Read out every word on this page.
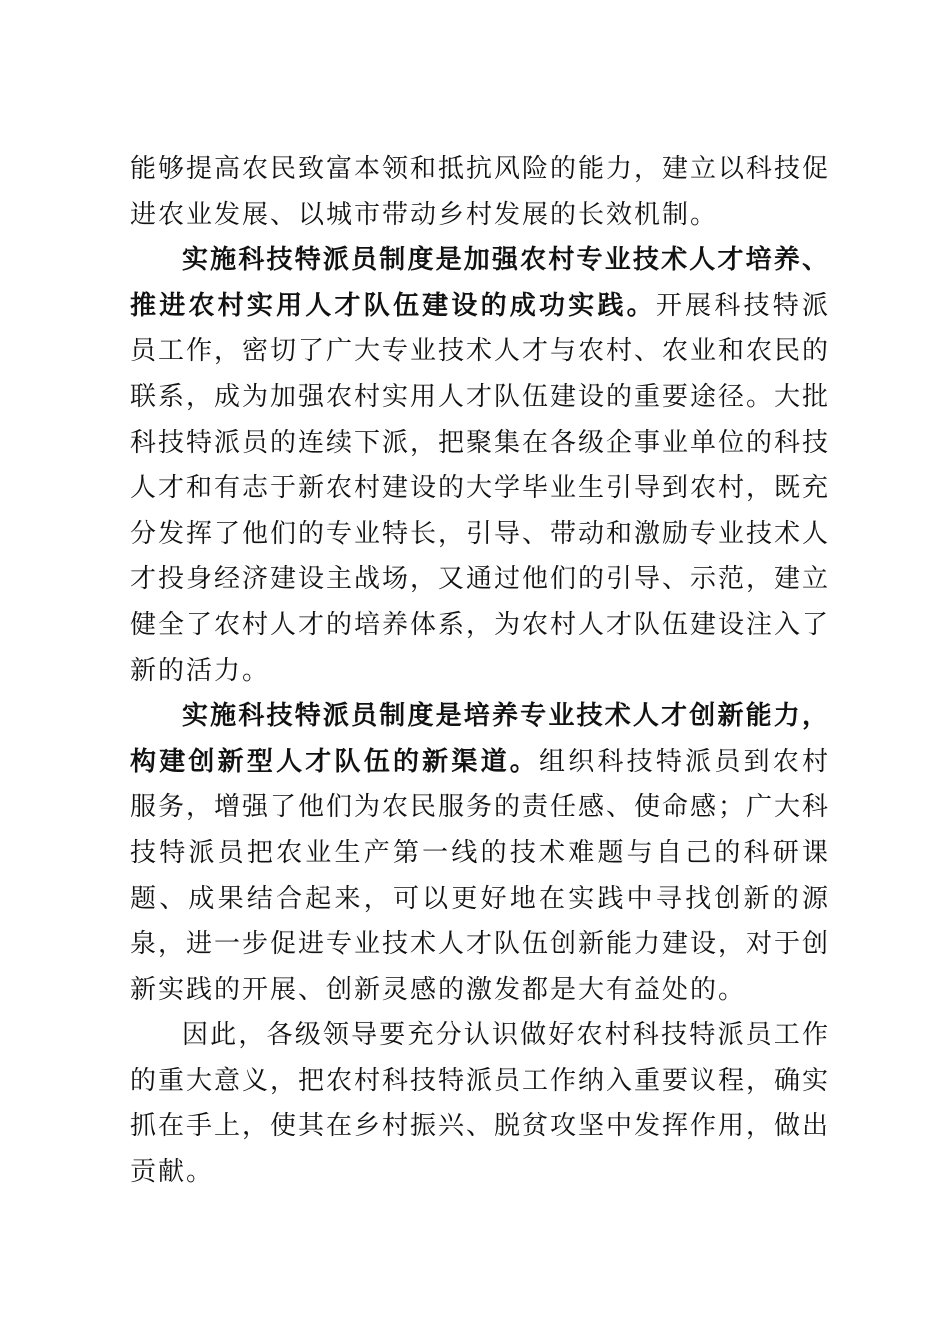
能够提高农民致富本领和抵抗风险的能力，建立以科技促进农业发展、以城市带动乡村发展的长效机制。

实施科技特派员制度是加强农村专业技术人才培养、推进农村实用人才队伍建设的成功实践。开展科技特派员工作，密切了广大专业技术人才与农村、农业和农民的联系，成为加强农村实用人才队伍建设的重要途径。大批科技特派员的连续下派，把聚集在各级企事业单位的科技人才和有志于新农村建设的大学毕业生引导到农村，既充分发挥了他们的专业特长，引导、带动和激励专业技术人才投身经济建设主战场，又通过他们的引导、示范，建立健全了农村人才的培养体系，为农村人才队伍建设注入了新的活力。

实施科技特派员制度是培养专业技术人才创新能力，构建创新型人才队伍的新渠道。组织科技特派员到农村服务，增强了他们为农民服务的责任感、使命感；广大科技特派员把农业生产第一线的技术难题与自己的科研课题、成果结合起来，可以更好地在实践中寻找创新的源泉，进一步促进专业技术人才队伍创新能力建设，对于创新实践的开展、创新灵感的激发都是大有益处的。

因此，各级领导要充分认识做好农村科技特派员工作的重大意义，把农村科技特派员工作纳入重要议程，确实抓在手上，使其在乡村振兴、脱贫攻坚中发挥作用，做出贡献。
